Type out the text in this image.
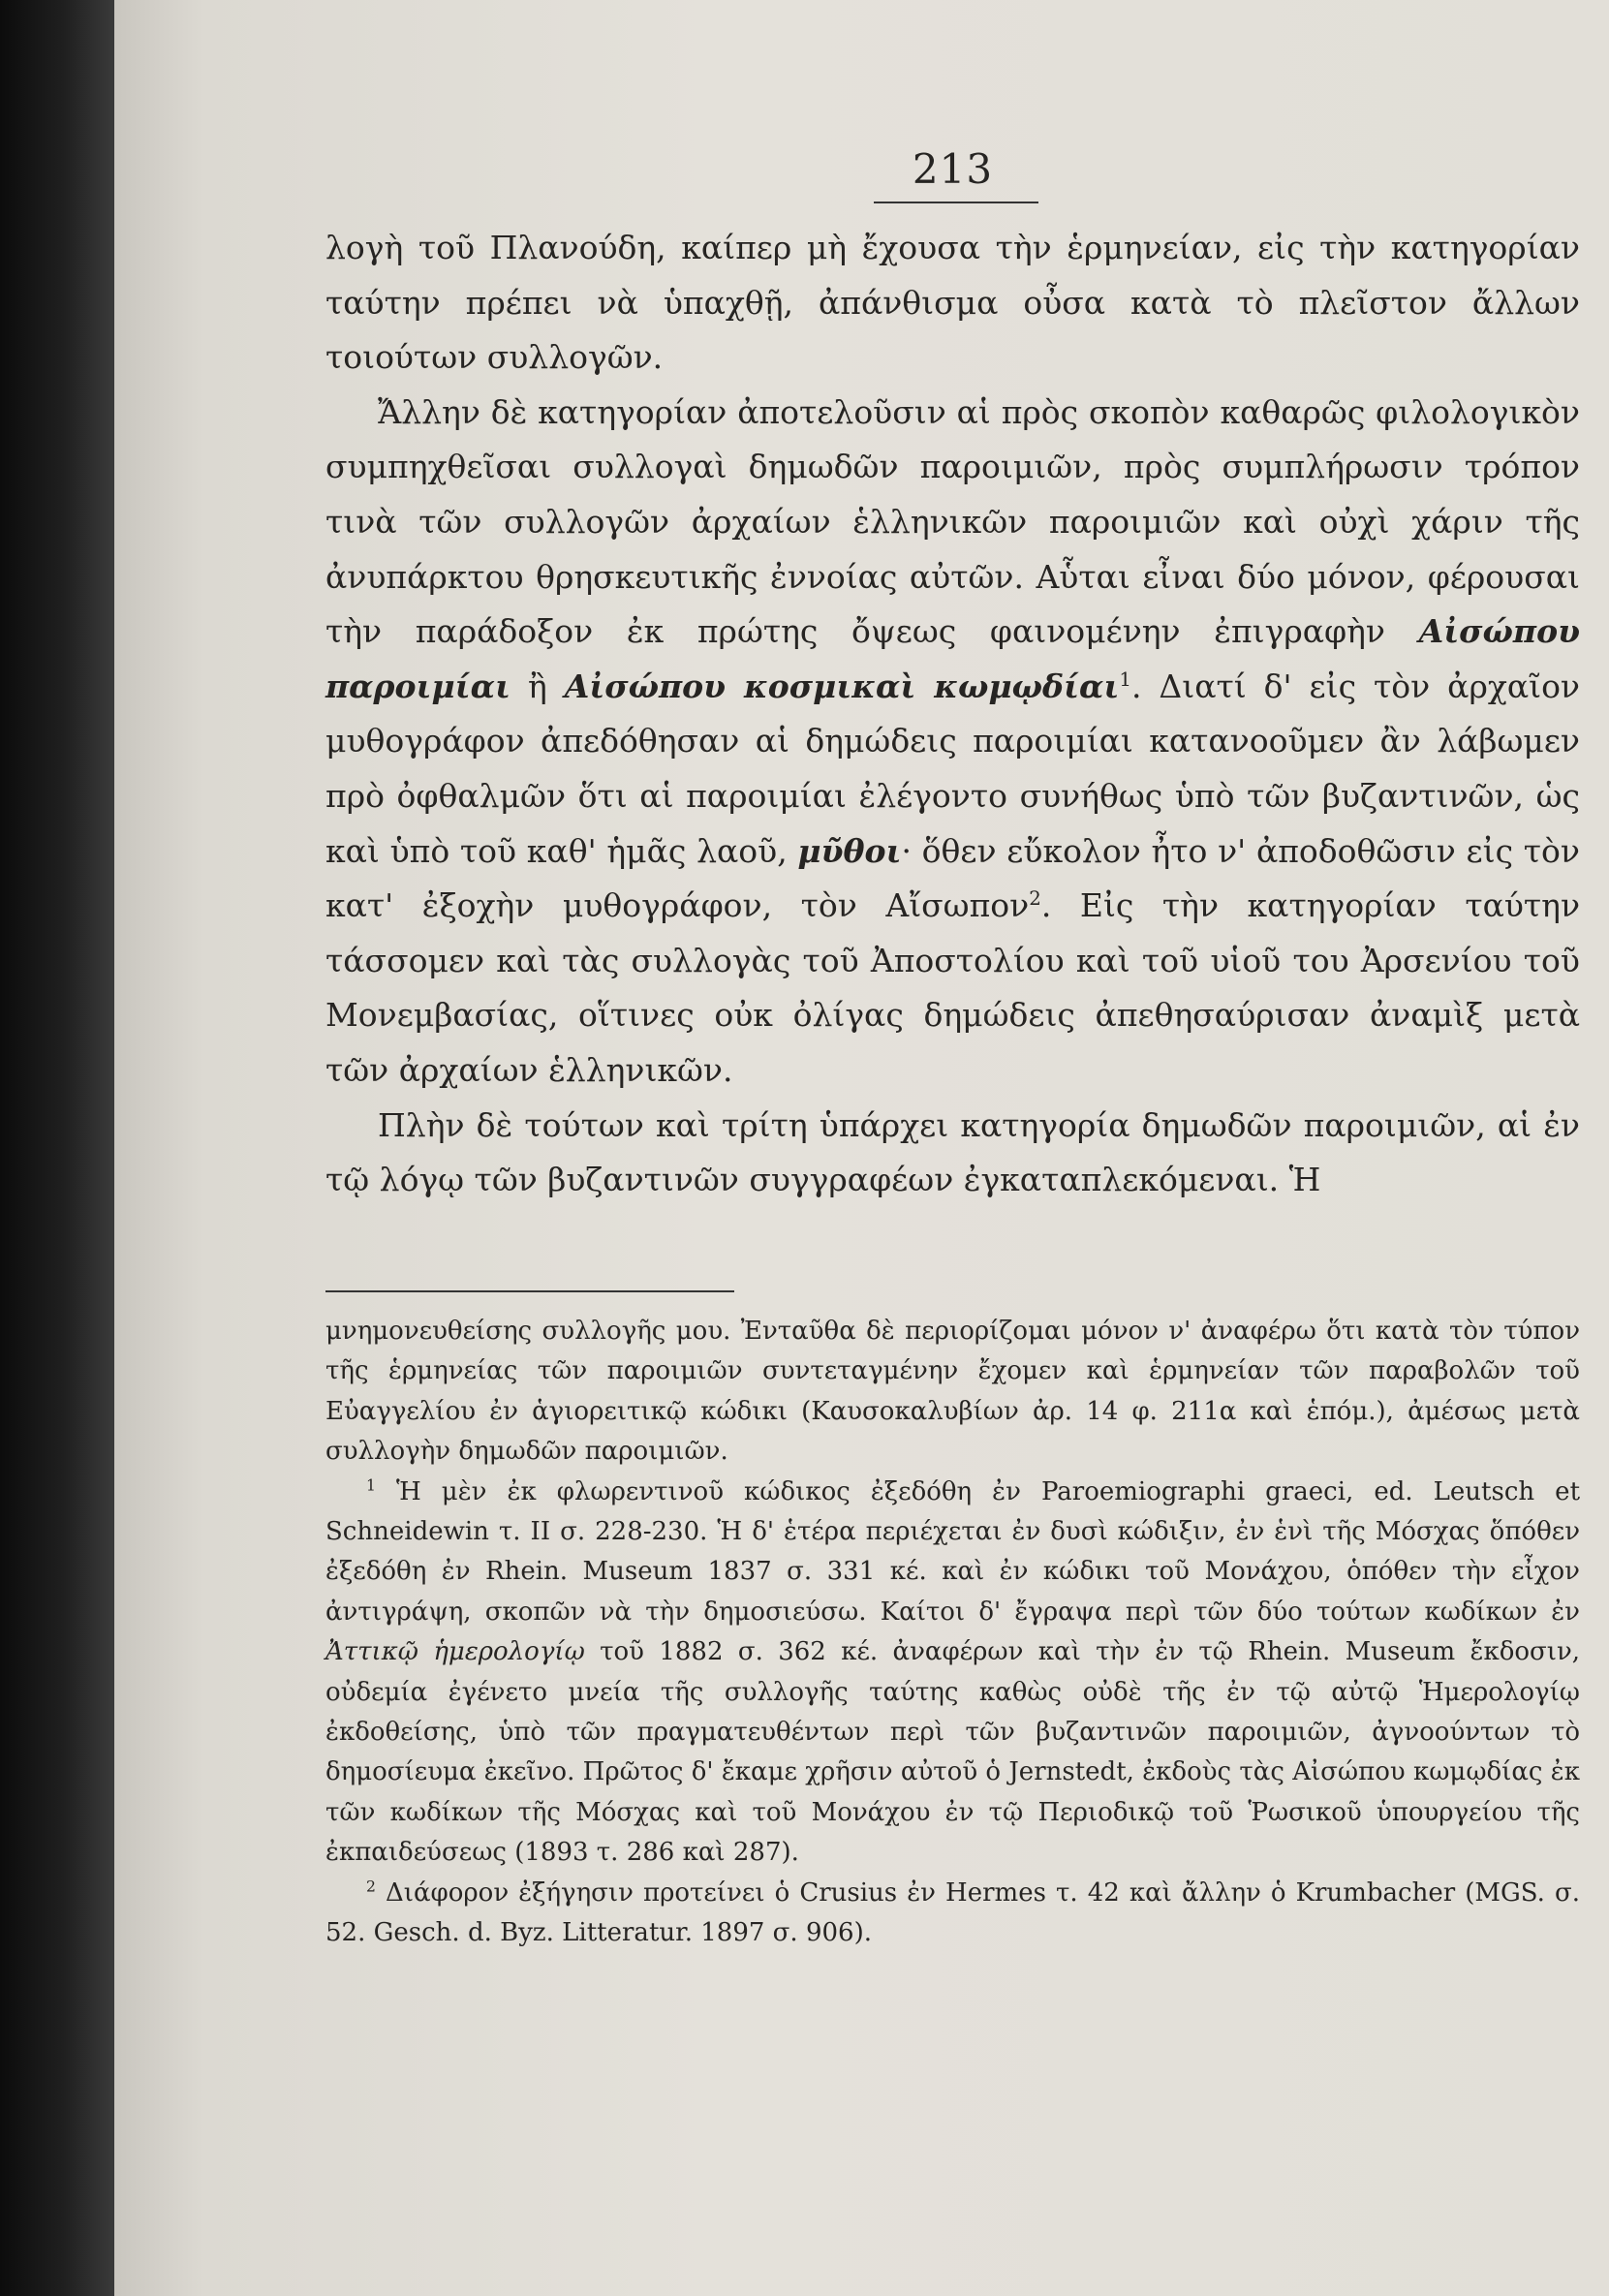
213

λογὴ τοῦ Πλανούδη, καίπερ μὴ ἔχουσα τὴν ἑρμηνείαν, εἰς τὴν κατηγορίαν ταύτην πρέπει νὰ ὑπαχθῇ, ἀπάνθισμα οὖσα κατὰ τὸ πλεῖστον ἄλλων τοιούτων συλλογῶν.

Ἄλλην δὲ κατηγορίαν ἀποτελοῦσιν αἱ πρὸς σκοπὸν καθαρῶς φιλολογικὸν συμπηχθεῖσαι συλλογαὶ δημωδῶν παροιμιῶν, πρὸς συμπλήρωσιν τρόπον τινὰ τῶν συλλογῶν ἀρχαίων ἑλληνικῶν παροιμιῶν καὶ οὐχὶ χάριν τῆς ἀνυπάρκτου θρησκευτικῆς ἐννοίας αὐτῶν. Αὗται εἶναι δύο μόνον, φέρουσαι τὴν παράδοξον ἐκ πρώτης ὄψεως φαινομένην ἐπιγραφὴν Αἰσώπου παροιμίαι ἢ Αἰσώπου κοσμικαὶ κωμῳδίαι$^1$. Διατί δ' εἰς τὸν ἀρχαῖον μυθογράφον ἀπεδόθησαν αἱ δημώδεις παροιμίαι κατανοοῦμεν ἂν λάβωμεν πρὸ ὀφθαλμῶν ὅτι αἱ παροιμίαι ἐλέγοντο συνήθως ὑπὸ τῶν βυζαντινῶν, ὡς καὶ ὑπὸ τοῦ καθ' ἡμᾶς λαοῦ, μῦθοι· ὅθεν εὔκολον ἦτο ν' ἀποδοθῶσιν εἰς τὸν κατ' ἐξοχὴν μυθογράφον, τὸν Αἴσωπον$^2$. Εἰς τὴν κατηγορίαν ταύτην τάσσομεν καὶ τὰς συλλογὰς τοῦ Ἀποστολίου καὶ τοῦ υἱοῦ του Ἀρσενίου τοῦ Μονεμβασίας, οἵτινες οὐκ ὀλίγας δημώδεις ἀπεθησαύρισαν ἀναμὶξ μετὰ τῶν ἀρχαίων ἑλληνικῶν.

Πλὴν δὲ τούτων καὶ τρίτη ὑπάρχει κατηγορία δημωδῶν παροιμιῶν, αἱ ἐν τῷ λόγῳ τῶν βυζαντινῶν συγγραφέων ἐγκαταπλεκόμεναι. Ἡ

μνημονευθείσης συλλογῆς μου. Ἐνταῦθα δὲ περιορίζομαι μόνον ν' ἀναφέρω ὅτι κατὰ τὸν τύπον τῆς ἑρμηνείας τῶν παροιμιῶν συντεταγμένην ἔχομεν καὶ ἑρμηνείαν τῶν παραβολῶν τοῦ Εὐαγγελίου ἐν ἁγιορειτικῷ κώδικι (Καυσοκαλυβίων ἀρ. 14 φ. 211α καὶ ἑπόμ.), ἀμέσως μετὰ συλλογὴν δημωδῶν παροιμιῶν.

$^1$ Ἡ μὲν ἐκ φλωρεντινοῦ κώδικος ἐξεδόθη ἐν Paroemiographi graeci, ed. Leutsch et Schneidewin τ. II σ. 228-230. Ἡ δ' ἑτέρα περιέχεται ἐν δυσὶ κώδιξιν, ἐν ἑνὶ τῆς Μόσχας ὅπόθεν ἐξεδόθη ἐν Rhein. Museum 1837 σ. 331 κέ. καὶ ἐν κώδικι τοῦ Μονάχου, ὁπόθεν τὴν εἶχον ἀντιγράψη, σκοπῶν νὰ τὴν δημοσιεύσω. Καίτοι δ' ἔγραψα περὶ τῶν δύο τούτων κωδίκων ἐν Ἀττικῷ ἡμερολογίῳ τοῦ 1882 σ. 362 κέ. ἀναφέρων καὶ τὴν ἐν τῷ Rhein. Museum ἔκδοσιν, οὐδεμία ἐγένετο μνεία τῆς συλλογῆς ταύτης καθὼς οὐδὲ τῆς ἐν τῷ αὐτῷ Ἡμερολογίῳ ἐκδοθείσης, ὑπὸ τῶν πραγματευθέντων περὶ τῶν βυζαντινῶν παροιμιῶν, ἀγνοούντων τὸ δημοσίευμα ἐκεῖνο. Πρῶτος δ' ἔκαμε χρῆσιν αὐτοῦ ὁ Jernstedt, ἐκδοὺς τὰς Αἰσώπου κωμῳδίας ἐκ τῶν κωδίκων τῆς Μόσχας καὶ τοῦ Μονάχου ἐν τῷ Περιοδικῷ τοῦ Ῥωσικοῦ ὑπουργείου τῆς ἐκπαιδεύσεως (1893 τ. 286 καὶ 287).

$^2$ Διάφορον ἐξήγησιν προτείνει ὁ Crusius ἐν Hermes τ. 42 καὶ ἄλλην ὁ Krumbacher (MGS. σ. 52. Gesch. d. Byz. Litteratur. 1897 σ. 906).
